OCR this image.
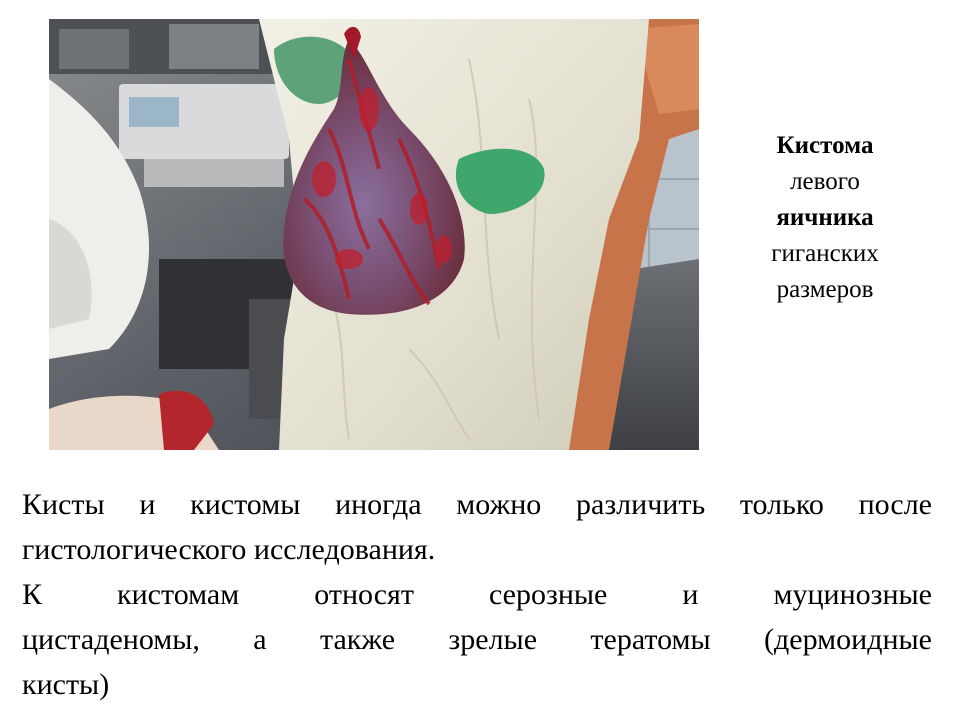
Кистома
левого
яичника
гиганских
размеров

Кисты и кистомы иногда можно различить только после
гистологического исследования.

К кистомам относят серозные и муцинозные
цистаденомы, а также зрелые тератомы (дермоидные
кисты)
